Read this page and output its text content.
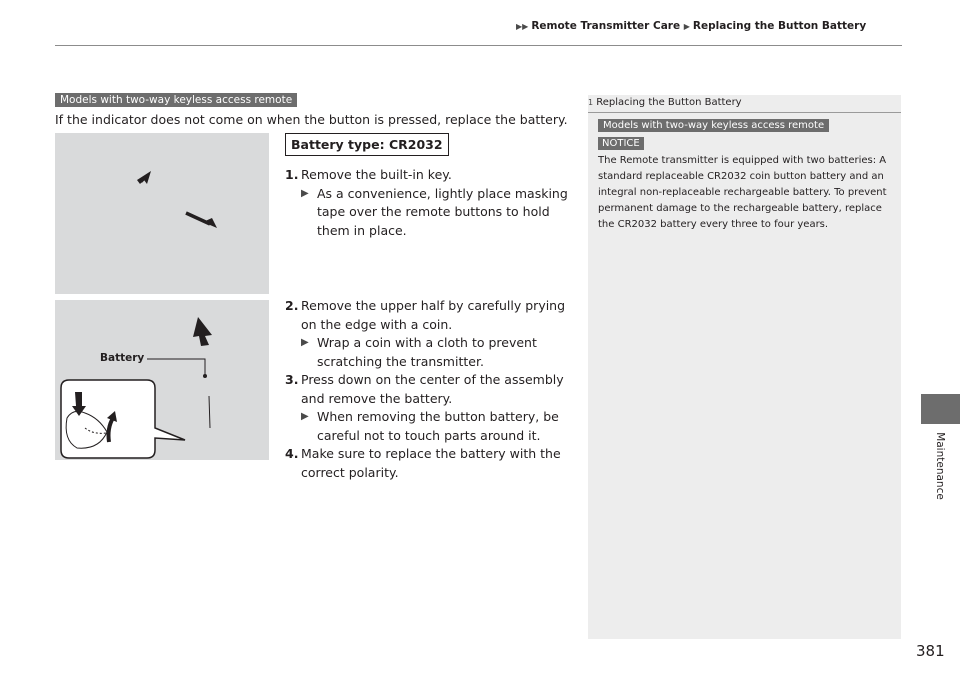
▶▶ Remote Transmitter Care ▶ Replacing the Button Battery
Maintenance
Models with two-way keyless access remote
If the indicator does not come on when the button is pressed, replace the battery.
Battery type: CR2032
1. Remove the built-in key.
▶ As a convenience, lightly place masking tape over the remote buttons to hold them in place.
Battery
2. Remove the upper half by carefully prying on the edge with a coin.
▶ Wrap a coin with a cloth to prevent scratching the transmitter.
3. Press down on the center of the assembly and remove the battery.
▶ When removing the button battery, be careful not to touch parts around it.
4. Make sure to replace the battery with the correct polarity.
1 Replacing the Button Battery
Models with two-way keyless access remote
NOTICE
The Remote transmitter is equipped with two batteries: A standard replaceable CR2032 coin button battery and an integral non-replaceable rechargeable battery. To prevent permanent damage to the rechargeable battery, replace the CR2032 battery every three to four years.
381
